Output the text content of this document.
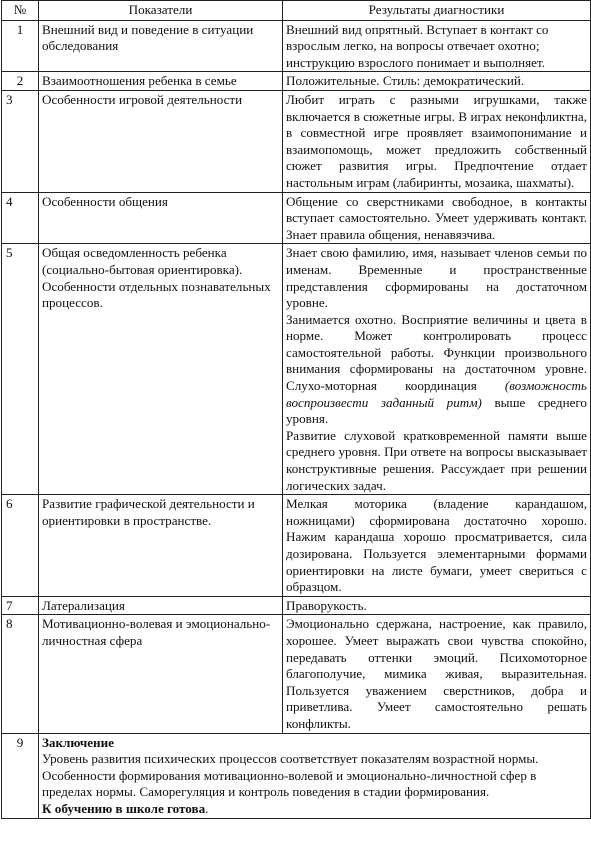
№	Показатели	Результаты диагностики
1	Внешний вид и поведение в ситуации обследования	Внешний вид опрятный. Вступает в контакт со взрослым легко, на вопросы отвечает охотно; инструкцию взрослого понимает и выполняет.

2	Взаимоотношения ребенка в семье	Положительные. Стиль: демократический.

3	Особенности игровой деятельности	Любит играть с разными игрушками, также включается в сюжетные игры. В играх неконфликтна, в совместной игре проявляет взаимопонимание и взаимопомощь, может предложить собственный сюжет развития игры. Предпочтение отдает настольным играм (лабиринты, мозаика, шахматы).

4	Особенности общения	Общение со сверстниками свободное, в контакты вступает самостоятельно. Умеет удерживать контакт. Знает правила общения, ненавязчива.

5	Общая осведомленность ребенка (социально-бытовая ориентировка). Особенности отдельных познавательных процессов.	Знает свою фамилию, имя, называет членов семьи по именам. Временные и пространственные представления сформированы на достаточном уровне.

Занимается охотно. Восприятие величины и цвета в норме. Может контролировать процесс самостоятельной работы. Функции произвольного внимания сформированы на достаточном уровне. Слухо-моторная координация (возможность воспроизвести заданный ритм) выше среднего уровня.

Развитие слуховой кратковременной памяти выше среднего уровня. При ответе на вопросы высказывает конструктивные решения. Рассуждает при решении логических задач.

6	Развитие графической деятельности и ориентировки в пространстве.	Мелкая моторика (владение карандашом, ножницами) сформирована достаточно хорошо. Нажим карандаша хорошо просматривается, сила дозирована. Пользуется элементарными формами ориентировки на листе бумаги, умеет свериться с образцом.

7	Латерализация	Праворукость.

8	Мотивационно-волевая и эмоционально-личностная сфера	Эмоционально сдержана, настроение, как правило, хорошее. Умеет выражать свои чувства спокойно, передавать оттенки эмоций. Психомоторное благополучие, мимика живая, выразительная. Пользуется уважением сверстников, добра и приветлива. Умеет самостоятельно решать конфликты.

9	Заключение
Уровень развития психических процессов соответствует показателям возрастной нормы. Особенности формирования мотивационно-волевой и эмоционально-личностной сфер в пределах нормы. Саморегуляция и контроль поведения в стадии формирования.
К обучению в школе готова.	
